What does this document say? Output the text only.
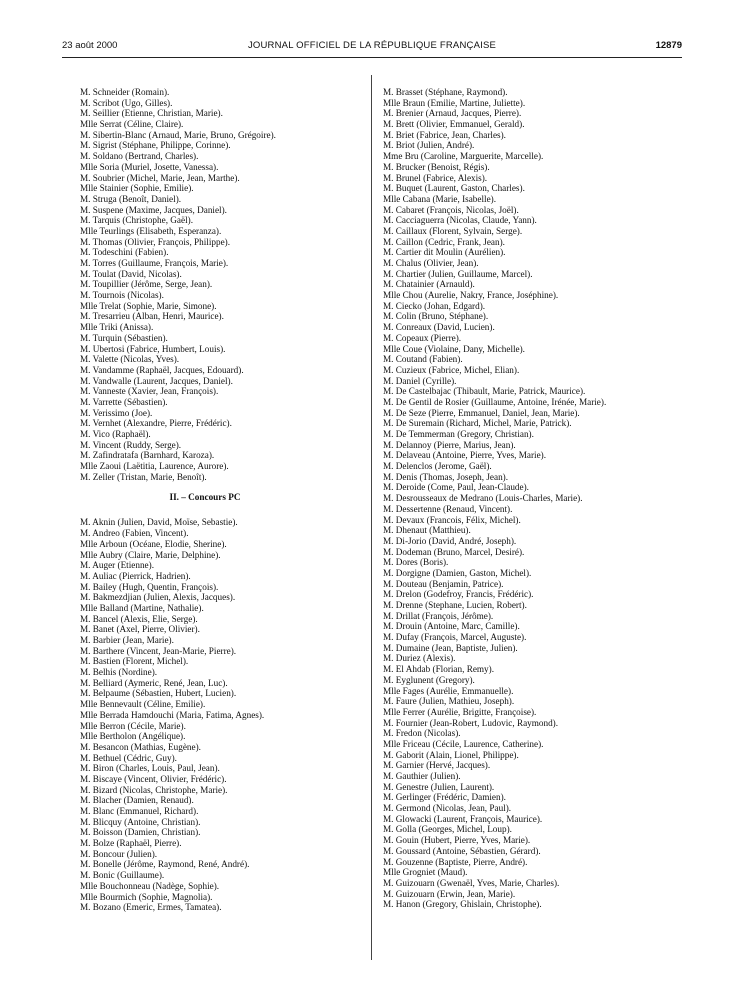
23 août 2000	JOURNAL OFFICIEL DE LA RÉPUBLIQUE FRANÇAISE	12879
M. Schneider (Romain).
M. Scribot (Ugo, Gilles).
M. Seillier (Etienne, Christian, Marie).
Mlle Serrat (Céline, Claire).
M. Sibertin-Blanc (Arnaud, Marie, Bruno, Grégoire).
M. Sigrist (Stéphane, Philippe, Corinne).
M. Soldano (Bertrand, Charles).
Mlle Soria (Muriel, Josette, Vanessa).
M. Soubrier (Michel, Marie, Jean, Marthe).
Mlle Stainier (Sophie, Emilie).
M. Struga (Benoît, Daniel).
M. Suspene (Maxime, Jacques, Daniel).
M. Tarquis (Christophe, Gaël).
Mlle Teurlings (Elisabeth, Esperanza).
M. Thomas (Olivier, François, Philippe).
M. Todeschini (Fabien).
M. Torres (Guillaume, François, Marie).
M. Toulat (David, Nicolas).
M. Toupillier (Jérôme, Serge, Jean).
M. Tournois (Nicolas).
Mlle Trelat (Sophie, Marie, Simone).
M. Tresarrieu (Alban, Henri, Maurice).
Mlle Triki (Anissa).
M. Turquin (Sébastien).
M. Ubertosi (Fabrice, Humbert, Louis).
M. Valette (Nicolas, Yves).
M. Vandamme (Raphaël, Jacques, Edouard).
M. Vandwalle (Laurent, Jacques, Daniel).
M. Vanneste (Xavier, Jean, François).
M. Varrette (Sébastien).
M. Verissimo (Joe).
M. Vernhet (Alexandre, Pierre, Frédéric).
M. Vico (Raphaël).
M. Vincent (Ruddy, Serge).
M. Zafindratafa (Barnhard, Karoza).
Mlle Zaoui (Laëtitia, Laurence, Aurore).
M. Zeller (Tristan, Marie, Benoît).
II. – Concours PC
M. Aknin (Julien, David, Moïse, Sebastie).
M. Andreo (Fabien, Vincent).
Mlle Arboun (Océane, Elodie, Sherine).
Mlle Aubry (Claire, Marie, Delphine).
M. Auger (Etienne).
M. Auliac (Pierrick, Hadrien).
M. Bailey (Hugh, Quentin, François).
M. Bakmezdjian (Julien, Alexis, Jacques).
Mlle Balland (Martine, Nathalie).
M. Bancel (Alexis, Elie, Serge).
M. Banet (Axel, Pierre, Olivier).
M. Barbier (Jean, Marie).
M. Barthere (Vincent, Jean-Marie, Pierre).
M. Bastien (Florent, Michel).
M. Belhis (Nordine).
M. Belliard (Aymeric, René, Jean, Luc).
M. Belpaume (Sébastien, Hubert, Lucien).
Mlle Bennevault (Céline, Emilie).
Mlle Berrada Hamdouchi (Maria, Fatima, Agnes).
Mlle Berron (Cécile, Marie).
Mlle Bertholon (Angélique).
M. Besancon (Mathias, Eugène).
M. Bethuel (Cédric, Guy).
M. Biron (Charles, Louis, Paul, Jean).
M. Biscaye (Vincent, Olivier, Frédéric).
M. Bizard (Nicolas, Christophe, Marie).
M. Blacher (Damien, Renaud).
M. Blanc (Emmanuel, Richard).
M. Blicquy (Antoine, Christian).
M. Boisson (Damien, Christian).
M. Bolze (Raphaël, Pierre).
M. Boncour (Julien).
M. Bonelle (Jérôme, Raymond, René, André).
M. Bonic (Guillaume).
Mlle Bouchonneau (Nadège, Sophie).
Mlle Bourmich (Sophie, Magnolia).
M. Bozano (Emeric, Ermes, Tamatea).
M. Brasset (Stéphane, Raymond).
Mlle Braun (Emilie, Martine, Juliette).
M. Brenier (Arnaud, Jacques, Pierre).
M. Brett (Olivier, Emmanuel, Gerald).
M. Briet (Fabrice, Jean, Charles).
M. Briot (Julien, André).
Mme Bru (Caroline, Marguerite, Marcelle).
M. Brucker (Benoist, Régis).
M. Brunel (Fabrice, Alexis).
M. Buquet (Laurent, Gaston, Charles).
Mlle Cabana (Marie, Isabelle).
M. Cabaret (François, Nicolas, Joël).
M. Cacciaguerra (Nicolas, Claude, Yann).
M. Caillaux (Florent, Sylvain, Serge).
M. Caillon (Cedric, Frank, Jean).
M. Cartier dit Moulin (Aurélien).
M. Chalus (Olivier, Jean).
M. Chartier (Julien, Guillaume, Marcel).
M. Chatainier (Arnauld).
Mlle Chou (Aurelie, Nakry, France, Joséphine).
M. Ciecko (Johan, Edgard).
M. Colin (Bruno, Stéphane).
M. Conreaux (David, Lucien).
M. Copeaux (Pierre).
Mlle Coue (Violaine, Dany, Michelle).
M. Coutand (Fabien).
M. Cuzieux (Fabrice, Michel, Elian).
M. Daniel (Cyrille).
M. De Castelbajac (Thibault, Marie, Patrick, Maurice).
M. De Gentil de Rosier (Guillaume, Antoine, Irénée, Marie).
M. De Seze (Pierre, Emmanuel, Daniel, Jean, Marie).
M. De Suremain (Richard, Michel, Marie, Patrick).
M. De Temmerman (Gregory, Christian).
M. Delannoy (Pierre, Marius, Jean).
M. Delaveau (Antoine, Pierre, Yves, Marie).
M. Delenclos (Jerome, Gaël).
M. Denis (Thomas, Joseph, Jean).
M. Deroide (Come, Paul, Jean-Claude).
M. Desrousseaux de Medrano (Louis-Charles, Marie).
M. Dessertenne (Renaud, Vincent).
M. Devaux (Francois, Félix, Michel).
M. Dhenaut (Matthieu).
M. Di-Jorio (David, André, Joseph).
M. Dodeman (Bruno, Marcel, Desiré).
M. Dores (Boris).
M. Dorgigne (Damien, Gaston, Michel).
M. Douteau (Benjamin, Patrice).
M. Drelon (Godefroy, Francis, Frédéric).
M. Drenne (Stephane, Lucien, Robert).
M. Drillat (François, Jérôme).
M. Drouin (Antoine, Marc, Camille).
M. Dufay (François, Marcel, Auguste).
M. Dumaine (Jean, Baptiste, Julien).
M. Duriez (Alexis).
M. El Ahdab (Florian, Remy).
M. Eyglunent (Gregory).
Mlle Fages (Aurélie, Emmanuelle).
M. Faure (Julien, Mathieu, Joseph).
Mlle Ferrer (Aurélie, Brigitte, Françoise).
M. Fournier (Jean-Robert, Ludovic, Raymond).
M. Fredon (Nicolas).
Mlle Friceau (Cécile, Laurence, Catherine).
M. Gaborit (Alain, Lionel, Philippe).
M. Garnier (Hervé, Jacques).
M. Gauthier (Julien).
M. Genestre (Julien, Laurent).
M. Gerlinger (Frédéric, Damien).
M. Germond (Nicolas, Jean, Paul).
M. Glowacki (Laurent, François, Maurice).
M. Golla (Georges, Michel, Loup).
M. Gouin (Hubert, Pierre, Yves, Marie).
M. Goussard (Antoine, Sébastien, Gérard).
M. Gouzenne (Baptiste, Pierre, André).
Mlle Grogniet (Maud).
M. Guizouarn (Gwenaël, Yves, Marie, Charles).
M. Guizouarn (Erwin, Jean, Marie).
M. Hanon (Gregory, Ghislain, Christophe).
